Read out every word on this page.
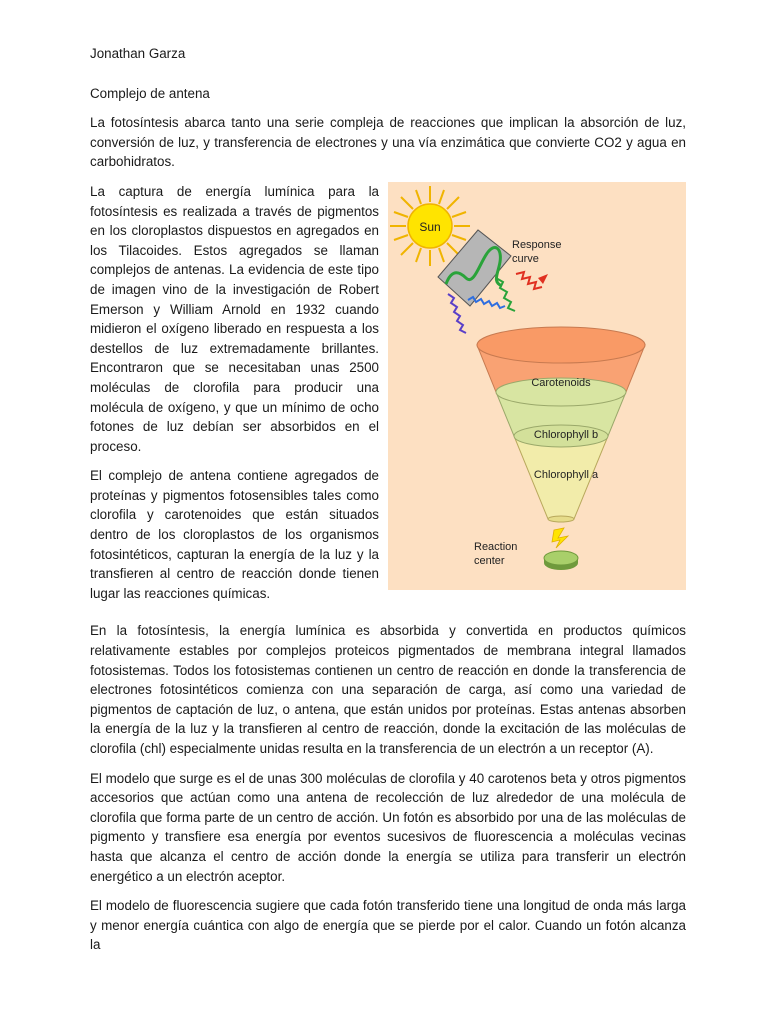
Jonathan Garza
Complejo de antena

La fotosíntesis abarca tanto una serie compleja de reacciones que implican la absorción de luz, conversión de luz, y transferencia de electrones y una vía enzimática que convierte CO2 y agua en carbohidratos.

La captura de energía lumínica para la fotosíntesis es realizada a través de pigmentos en los cloroplastos dispuestos en agregados en los Tilacoides. Estos agregados se llaman complejos de antenas. La evidencia de este tipo de imagen vino de la investigación de Robert Emerson y William Arnold en 1932 cuando midieron el oxígeno liberado en respuesta a los destellos de luz extremadamente brillantes. Encontraron que se necesitaban unas 2500 moléculas de clorofila para producir una molécula de oxígeno, y que un mínimo de ocho fotones de luz debían ser absorbidos en el proceso.

El complejo de antena contiene agregados de proteínas y pigmentos fotosensibles tales como clorofila y carotenoides que están situados dentro de los cloroplastos de los organismos fotosintéticos, capturan la energía de la luz y la transfieren al centro de reacción donde tienen lugar las reacciones químicas.

Sun
Response
curve
Carotenoids
Chlorophyll b
Chlorophyll a
Reaction
center

En la fotosíntesis, la energía lumínica es absorbida y convertida en productos químicos relativamente estables por complejos proteicos pigmentados de membrana integral llamados fotosistemas. Todos los fotosistemas contienen un centro de reacción en donde la transferencia de electrones fotosintéticos comienza con una separación de carga, así como una variedad de pigmentos de captación de luz, o antena, que están unidos por proteínas. Estas antenas absorben la energía de la luz y la transfieren al centro de reacción, donde la excitación de las moléculas de clorofila (chl) especialmente unidas resulta en la transferencia de un electrón a un receptor (A).

El modelo que surge es el de unas 300 moléculas de clorofila y 40 carotenos beta y otros pigmentos accesorios que actúan como una antena de recolección de luz alrededor de una molécula de clorofila que forma parte de un centro de acción. Un fotón es absorbido por una de las moléculas de pigmento y transfiere esa energía por eventos sucesivos de fluorescencia a moléculas vecinas hasta que alcanza el centro de acción donde la energía se utiliza para transferir un electrón energético a un electrón aceptor.

El modelo de fluorescencia sugiere que cada fotón transferido tiene una longitud de onda más larga y menor energía cuántica con algo de energía que se pierde por el calor. Cuando un fotón alcanza la
